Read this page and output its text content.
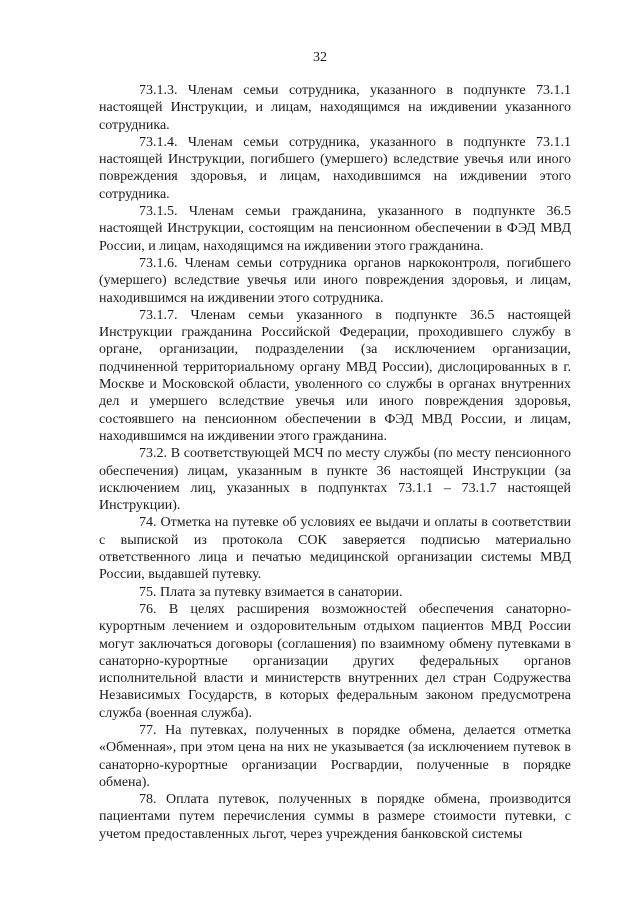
32

73.1.3. Членам семьи сотрудника, указанного в подпункте 73.1.1 настоящей Инструкции, и лицам, находящимся на иждивении указанного сотрудника.

73.1.4. Членам семьи сотрудника, указанного в подпункте 73.1.1 настоящей Инструкции, погибшего (умершего) вследствие увечья или иного повреждения здоровья, и лицам, находившимся на иждивении этого сотрудника.

73.1.5. Членам семьи гражданина, указанного в подпункте 36.5 настоящей Инструкции, состоящим на пенсионном обеспечении в ФЭД МВД России, и лицам, находящимся на иждивении этого гражданина.

73.1.6. Членам семьи сотрудника органов наркоконтроля, погибшего (умершего) вследствие увечья или иного повреждения здоровья, и лицам, находившимся на иждивении этого сотрудника.

73.1.7. Членам семьи указанного в подпункте 36.5 настоящей Инструкции гражданина Российской Федерации, проходившего службу в органе, организации, подразделении (за исключением организации, подчиненной территориальному органу МВД России), дислоцированных в г. Москве и Московской области, уволенного со службы в органах внутренних дел и умершего вследствие увечья или иного повреждения здоровья, состоявшего на пенсионном обеспечении в ФЭД МВД России, и лицам, находившимся на иждивении этого гражданина.

73.2. В соответствующей МСЧ по месту службы (по месту пенсионного обеспечения) лицам, указанным в пункте 36 настоящей Инструкции (за исключением лиц, указанных в подпунктах 73.1.1 – 73.1.7 настоящей Инструкции).

74. Отметка на путевке об условиях ее выдачи и оплаты в соответствии с выпиской из протокола СОК заверяется подписью материально ответственного лица и печатью медицинской организации системы МВД России, выдавшей путевку.

75. Плата за путевку взимается в санатории.

76. В целях расширения возможностей обеспечения санаторно-курортным лечением и оздоровительным отдыхом пациентов МВД России могут заключаться договоры (соглашения) по взаимному обмену путевками в санаторно-курортные организации других федеральных органов исполнительной власти и министерств внутренних дел стран Содружества Независимых Государств, в которых федеральным законом предусмотрена служба (военная служба).

77. На путевках, полученных в порядке обмена, делается отметка «Обменная», при этом цена на них не указывается (за исключением путевок в санаторно-курортные организации Росгвардии, полученные в порядке обмена).

78. Оплата путевок, полученных в порядке обмена, производится пациентами путем перечисления суммы в размере стоимости путевки, с учетом предоставленных льгот, через учреждения банковской системы
